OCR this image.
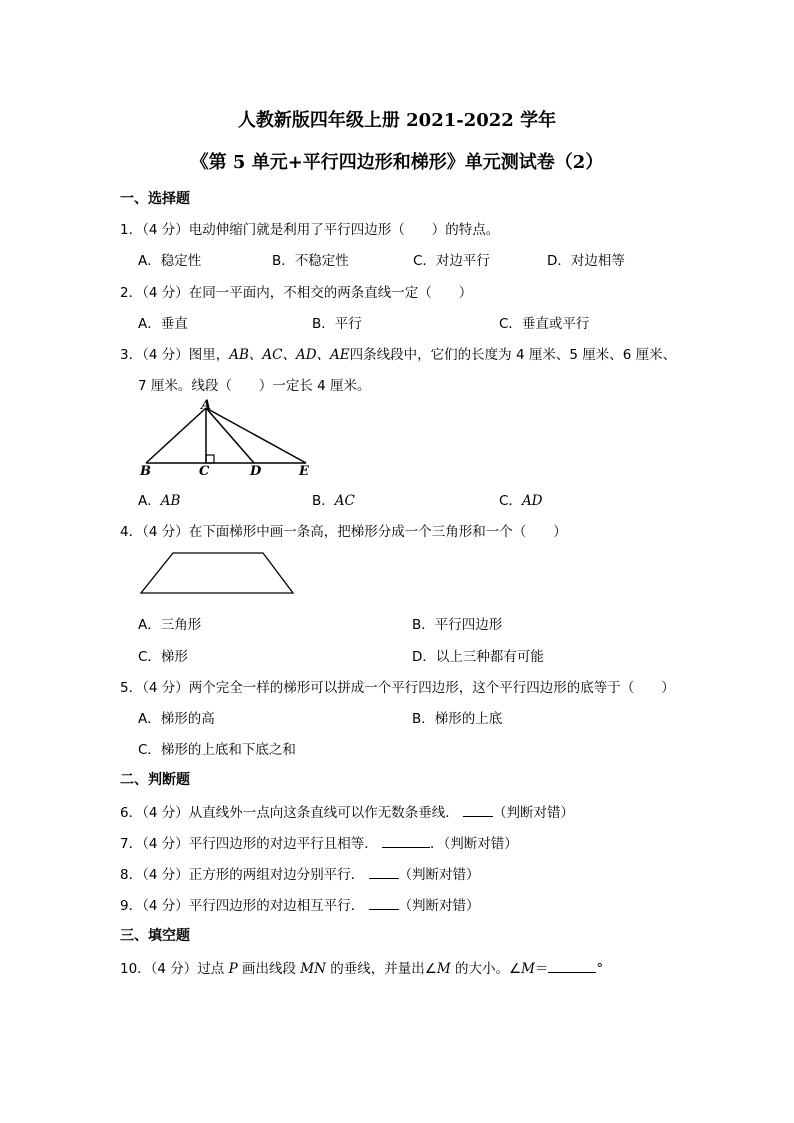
人教新版四年级上册 2021-2022 学年
《第 5 单元+平行四边形和梯形》单元测试卷（2）
一、选择题
1．（4 分）电动伸缩门就是利用了平行四边形（　　）的特点。
A．稳定性	B．不稳定性	C．对边平行	D．对边相等
2．（4 分）在同一平面内，不相交的两条直线一定（　　）
A．垂直	B．平行	C．垂直或平行
3．（4 分）图里，AB、AC、AD、AE四条线段中，它们的长度为 4 厘米、5 厘米、6 厘米、
7 厘米。线段（　　）一定长 4 厘米。
A
B	C	D	E
A．AB	B．AC	C．AD
4．（4 分）在下面梯形中画一条高，把梯形分成一个三角形和一个（　　）
A．三角形	B．平行四边形
C．梯形	D．以上三种都有可能
5．（4 分）两个完全一样的梯形可以拼成一个平行四边形，这个平行四边形的底等于（　　）
A．梯形的高	B．梯形的上底
C．梯形的上底和下底之和
二、判断题
6．（4 分）从直线外一点向这条直线可以作无数条垂线．	（判断对错）
7．（4 分）平行四边形的对边平行且相等．	．（判断对错）
8．（4 分）正方形的两组对边分别平行．	（判断对错）
9．（4 分）平行四边形的对边相互平行．	（判断对错）
三、填空题
10．（4 分）过点 P 画出线段 MN 的垂线，并量出∠M 的大小。∠M＝	°
